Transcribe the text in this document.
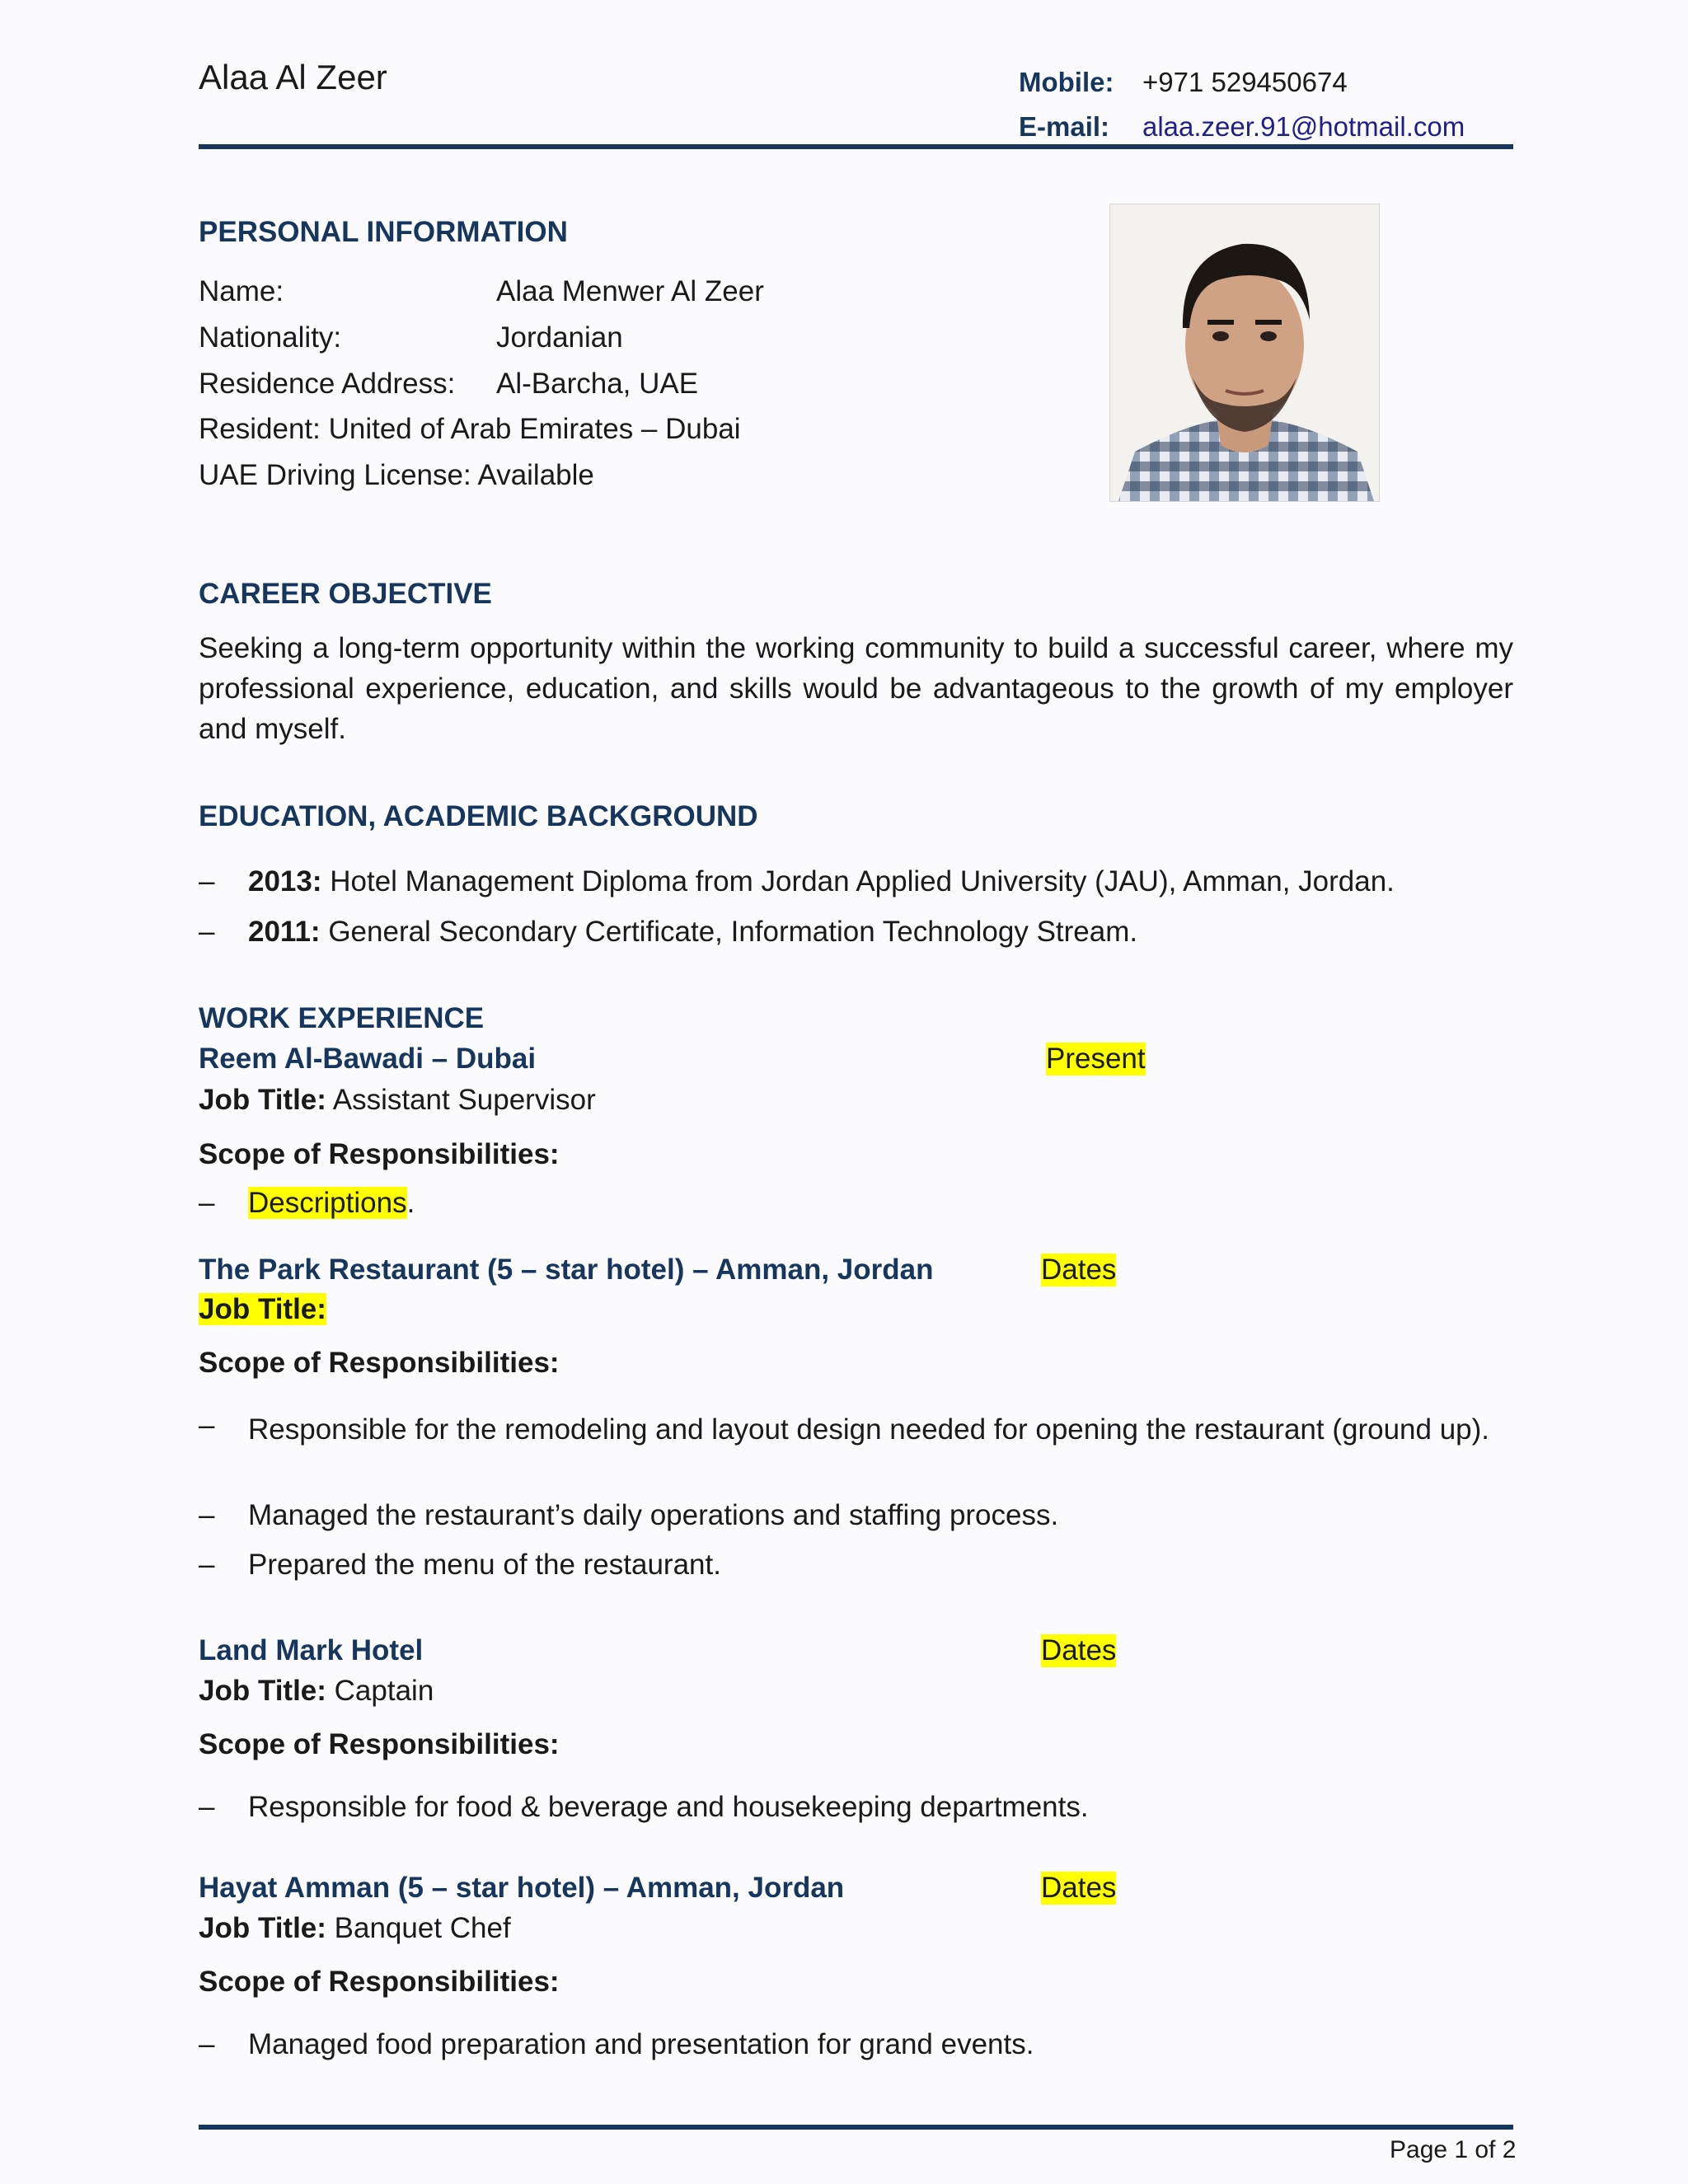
Alaa Al Zeer	Mobile: +971 529450674
E-mail: alaa.zeer.91@hotmail.com
PERSONAL INFORMATION
Name:	Alaa Menwer Al Zeer
Nationality:	Jordanian
Residence Address: Al-Barcha, UAE
Resident: United of Arab Emirates – Dubai
UAE Driving License: Available
CAREER OBJECTIVE
Seeking a long-term opportunity within the working community to build a successful career, where my professional experience, education, and skills would be advantageous to the growth of my employer and myself.
EDUCATION, ACADEMIC BACKGROUND
– 2013: Hotel Management Diploma from Jordan Applied University (JAU), Amman, Jordan.
– 2011: General Secondary Certificate, Information Technology Stream.
WORK EXPERIENCE
Reem Al-Bawadi – Dubai	Present
Job Title: Assistant Supervisor
Scope of Responsibilities:
– Descriptions.
The Park Restaurant (5 – star hotel) – Amman, Jordan	Dates
Job Title:
Scope of Responsibilities:
– Responsible for the remodeling and layout design needed for opening the restaurant (ground up).
– Managed the restaurant’s daily operations and staffing process.
– Prepared the menu of the restaurant.
Land Mark Hotel	Dates
Job Title: Captain
Scope of Responsibilities:
– Responsible for food & beverage and housekeeping departments.
Hayat Amman (5 – star hotel) – Amman, Jordan	Dates
Job Title: Banquet Chef
Scope of Responsibilities:
– Managed food preparation and presentation for grand events.
Page 1 of 2
